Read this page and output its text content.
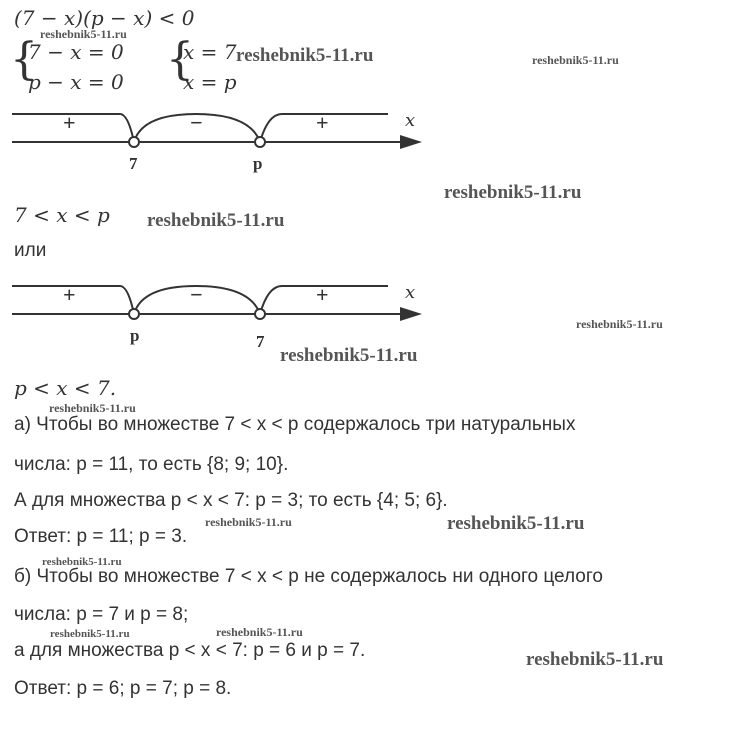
(7 − x)(p − x) < 0
{
7 − x = 0
p − x = 0 {
x = 7
x = p
+	−	+	x
7	p
7 < x < p
или
+	−	+	x
p	7
p < x < 7.
а) Чтобы во множестве 7 < x < p содержалось три натуральных
числа: p = 11, то есть {8; 9; 10}.
А для множества p < x < 7: p = 3; то есть {4; 5; 6}.
Ответ: p = 11; p = 3.
б) Чтобы во множестве 7 < x < p не содержалось ни одного целого
числа: p = 7 и p = 8;
а для множества p < x < 7: p = 6 и p = 7.
Ответ: p = 6; p = 7; p = 8.
reshebnik5-11.ru
reshebnik5-11.ru	reshebnik5-11.ru
reshebnik5-11.ru
reshebnik5-11.ru
reshebnik5-11.ru
reshebnik5-11.ru
reshebnik5-11.ru
reshebnik5-11.ru	reshebnik5-11.ru
reshebnik5-11.ru
reshebnik5-11.ru	reshebnik5-11.ru
reshebnik5-11.ru
